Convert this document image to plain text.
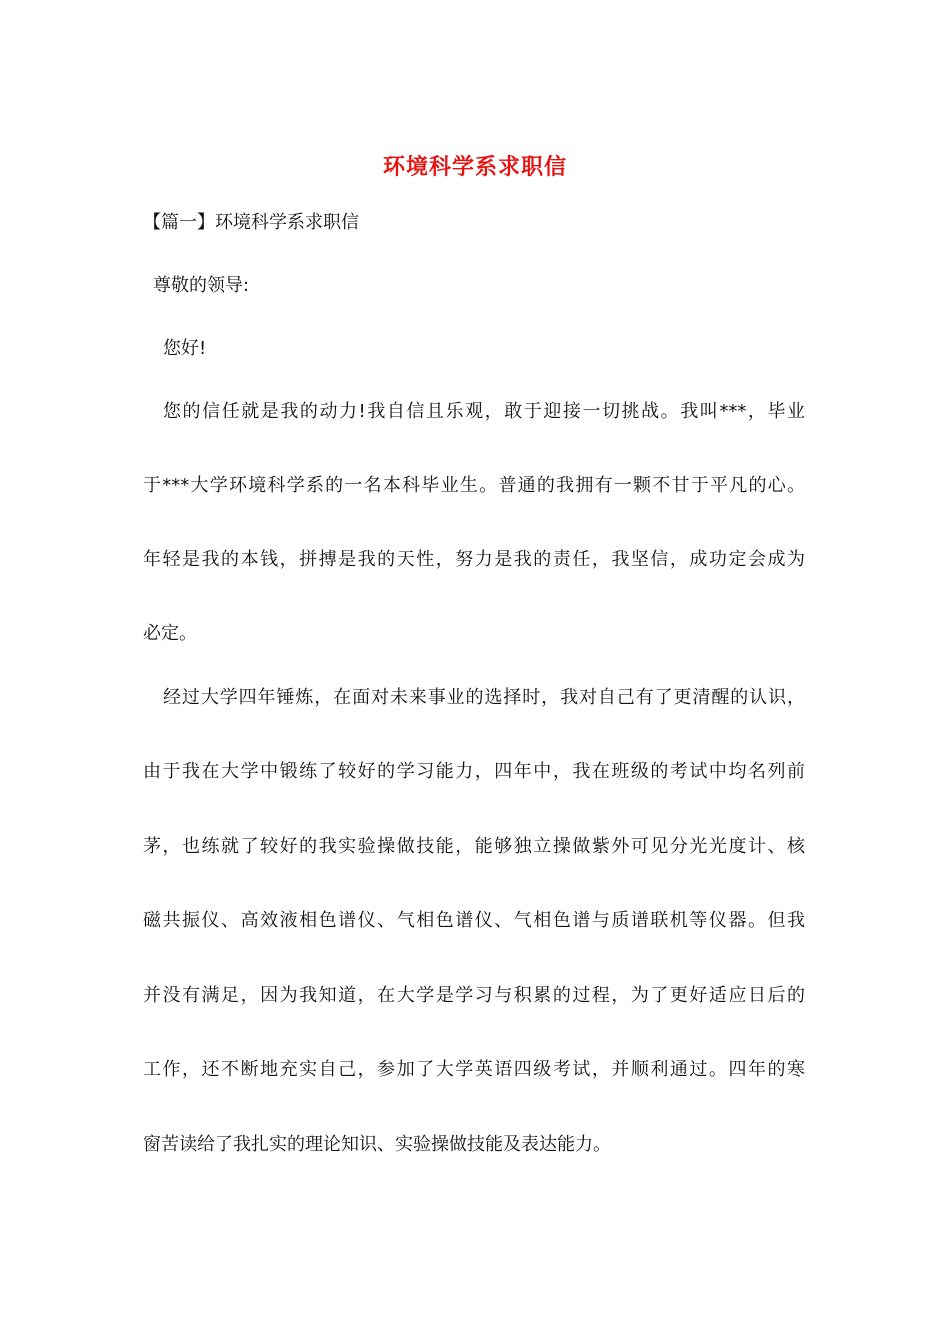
环境科学系求职信

【篇一】环境科学系求职信

尊敬的领导:

您好!

您的信任就是我的动力!我自信且乐观，敢于迎接一切挑战。我叫***，毕业

于***大学环境科学系的一名本科毕业生。普通的我拥有一颗不甘于平凡的心。

年轻是我的本钱，拼搏是我的天性，努力是我的责任，我坚信，成功定会成为

必定。

经过大学四年锤炼，在面对未来事业的选择时，我对自己有了更清醒的认识，

由于我在大学中锻练了较好的学习能力，四年中，我在班级的考试中均名列前

茅，也练就了较好的我实验操做技能，能够独立操做紫外可见分光光度计、核

磁共振仪、高效液相色谱仪、气相色谱仪、气相色谱与质谱联机等仪器。但我

并没有满足，因为我知道，在大学是学习与积累的过程，为了更好适应日后的

工作，还不断地充实自己，参加了大学英语四级考试，并顺利通过。四年的寒

窗苦读给了我扎实的理论知识、实验操做技能及表达能力。
